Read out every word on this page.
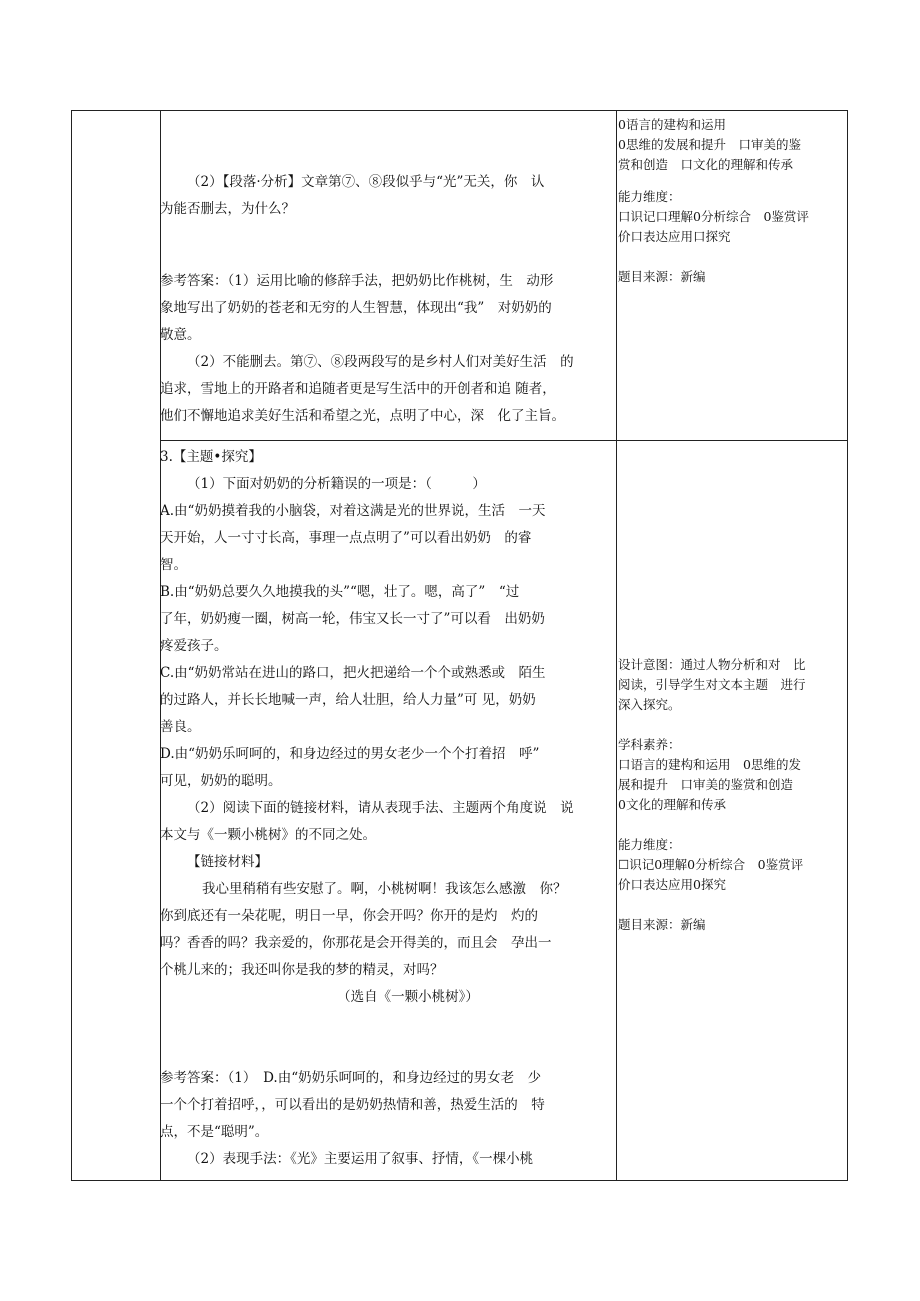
（2）【段落·分析】文章第⑦、⑧段似乎与“光”无关，你　认

为能否删去，为什么？

参考答案：（1）运用比喻的修辞手法，把奶奶比作桃树，生　动形

象地写出了奶奶的苍老和无穷的人生智慧，体现出“我”　对奶奶的

敬意。

（2）不能删去。第⑦、⑧段两段写的是乡村人们对美好生活　的

追求，雪地上的开路者和追随者更是写生活中的开创者和追 随者，

他们不懈地追求美好生活和希望之光，点明了中心，深　化了主旨。

0语言的建构和运用

0思维的发展和提升　口审美的鉴

赏和创造　口文化的理解和传承

能力维度：

口识记口理解0分析综合　0鉴赏评

价口表达应用口探究

题目来源：新编

3.【主题•探究】

（1）下面对奶奶的分析籍误的一项是：（　　　）

A.由“奶奶摸着我的小脑袋，对着这满是光的世界说，生活　一天

天开始，人一寸寸长高，事理一点点明了”可以看出奶奶　的睿

智。

B.由“奶奶总要久久地摸我的头”“嗯，壮了。嗯，高了”　“过

了年，奶奶瘦一圈，树高一轮，伟宝又长一寸了”可以看　出奶奶

疼爱孩子。

C.由“奶奶常站在进山的路口，把火把递给一个个或熟悉或　陌生

的过路人，并长长地喊一声，给人壮胆，给人力量”可 见，奶奶

善良。

D.由“奶奶乐呵呵的，和身边经过的男女老少一个个打着招　呼”

可见，奶奶的聪明。

（2）阅读下面的链接材料，请从表现手法、主题两个角度说　说

本文与《一颗小桃树》的不同之处。

【链接材料】

我心里稍稍有些安慰了。啊，小桃树啊！我该怎么感激　你？

你到底还有一朵花呢，明日一早，你会开吗？你开的是灼　灼的

吗？香香的吗？我亲爱的，你那花是会开得美的，而且会　孕出一

个桃儿来的；我还叫你是我的梦的精灵，对吗？

（选自《一颗小桃树》）

参考答案：（1）　D.由“奶奶乐呵呵的，和身边经过的男女老　少

一个个打着招呼，，可以看出的是奶奶热情和善，热爱生活的　特

点，不是“聪明”。

（2）表现手法：《光》主要运用了叙事、抒情，《一棵小桃

设计意图：通过人物分析和对　比

阅读，引导学生对文本主题　进行

深入探究。

学科素养：

口语言的建构和运用　0思维的发

展和提升　口审美的鉴赏和创造

0文化的理解和传承

能力维度：

☐识记0理解0分析综合　0鉴赏评

价口表达应用0探究

题目来源：新编
